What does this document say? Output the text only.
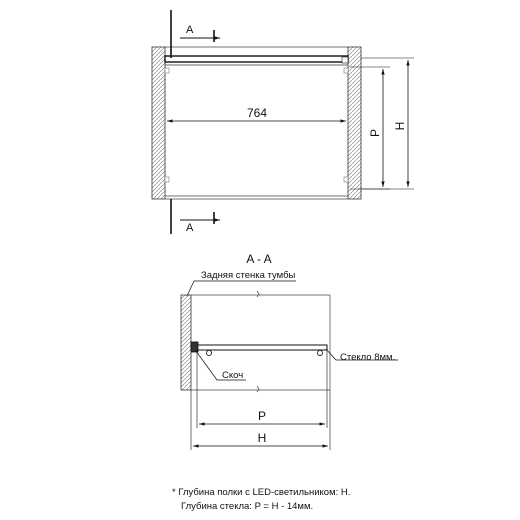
A
A
764
P
H
A - A
Задняя стенка тумбы
Стекло 8мм.
Скоч
P
H
* Глубина полки с LED-светильником: H.
Глубина стекла: P = H - 14мм.
